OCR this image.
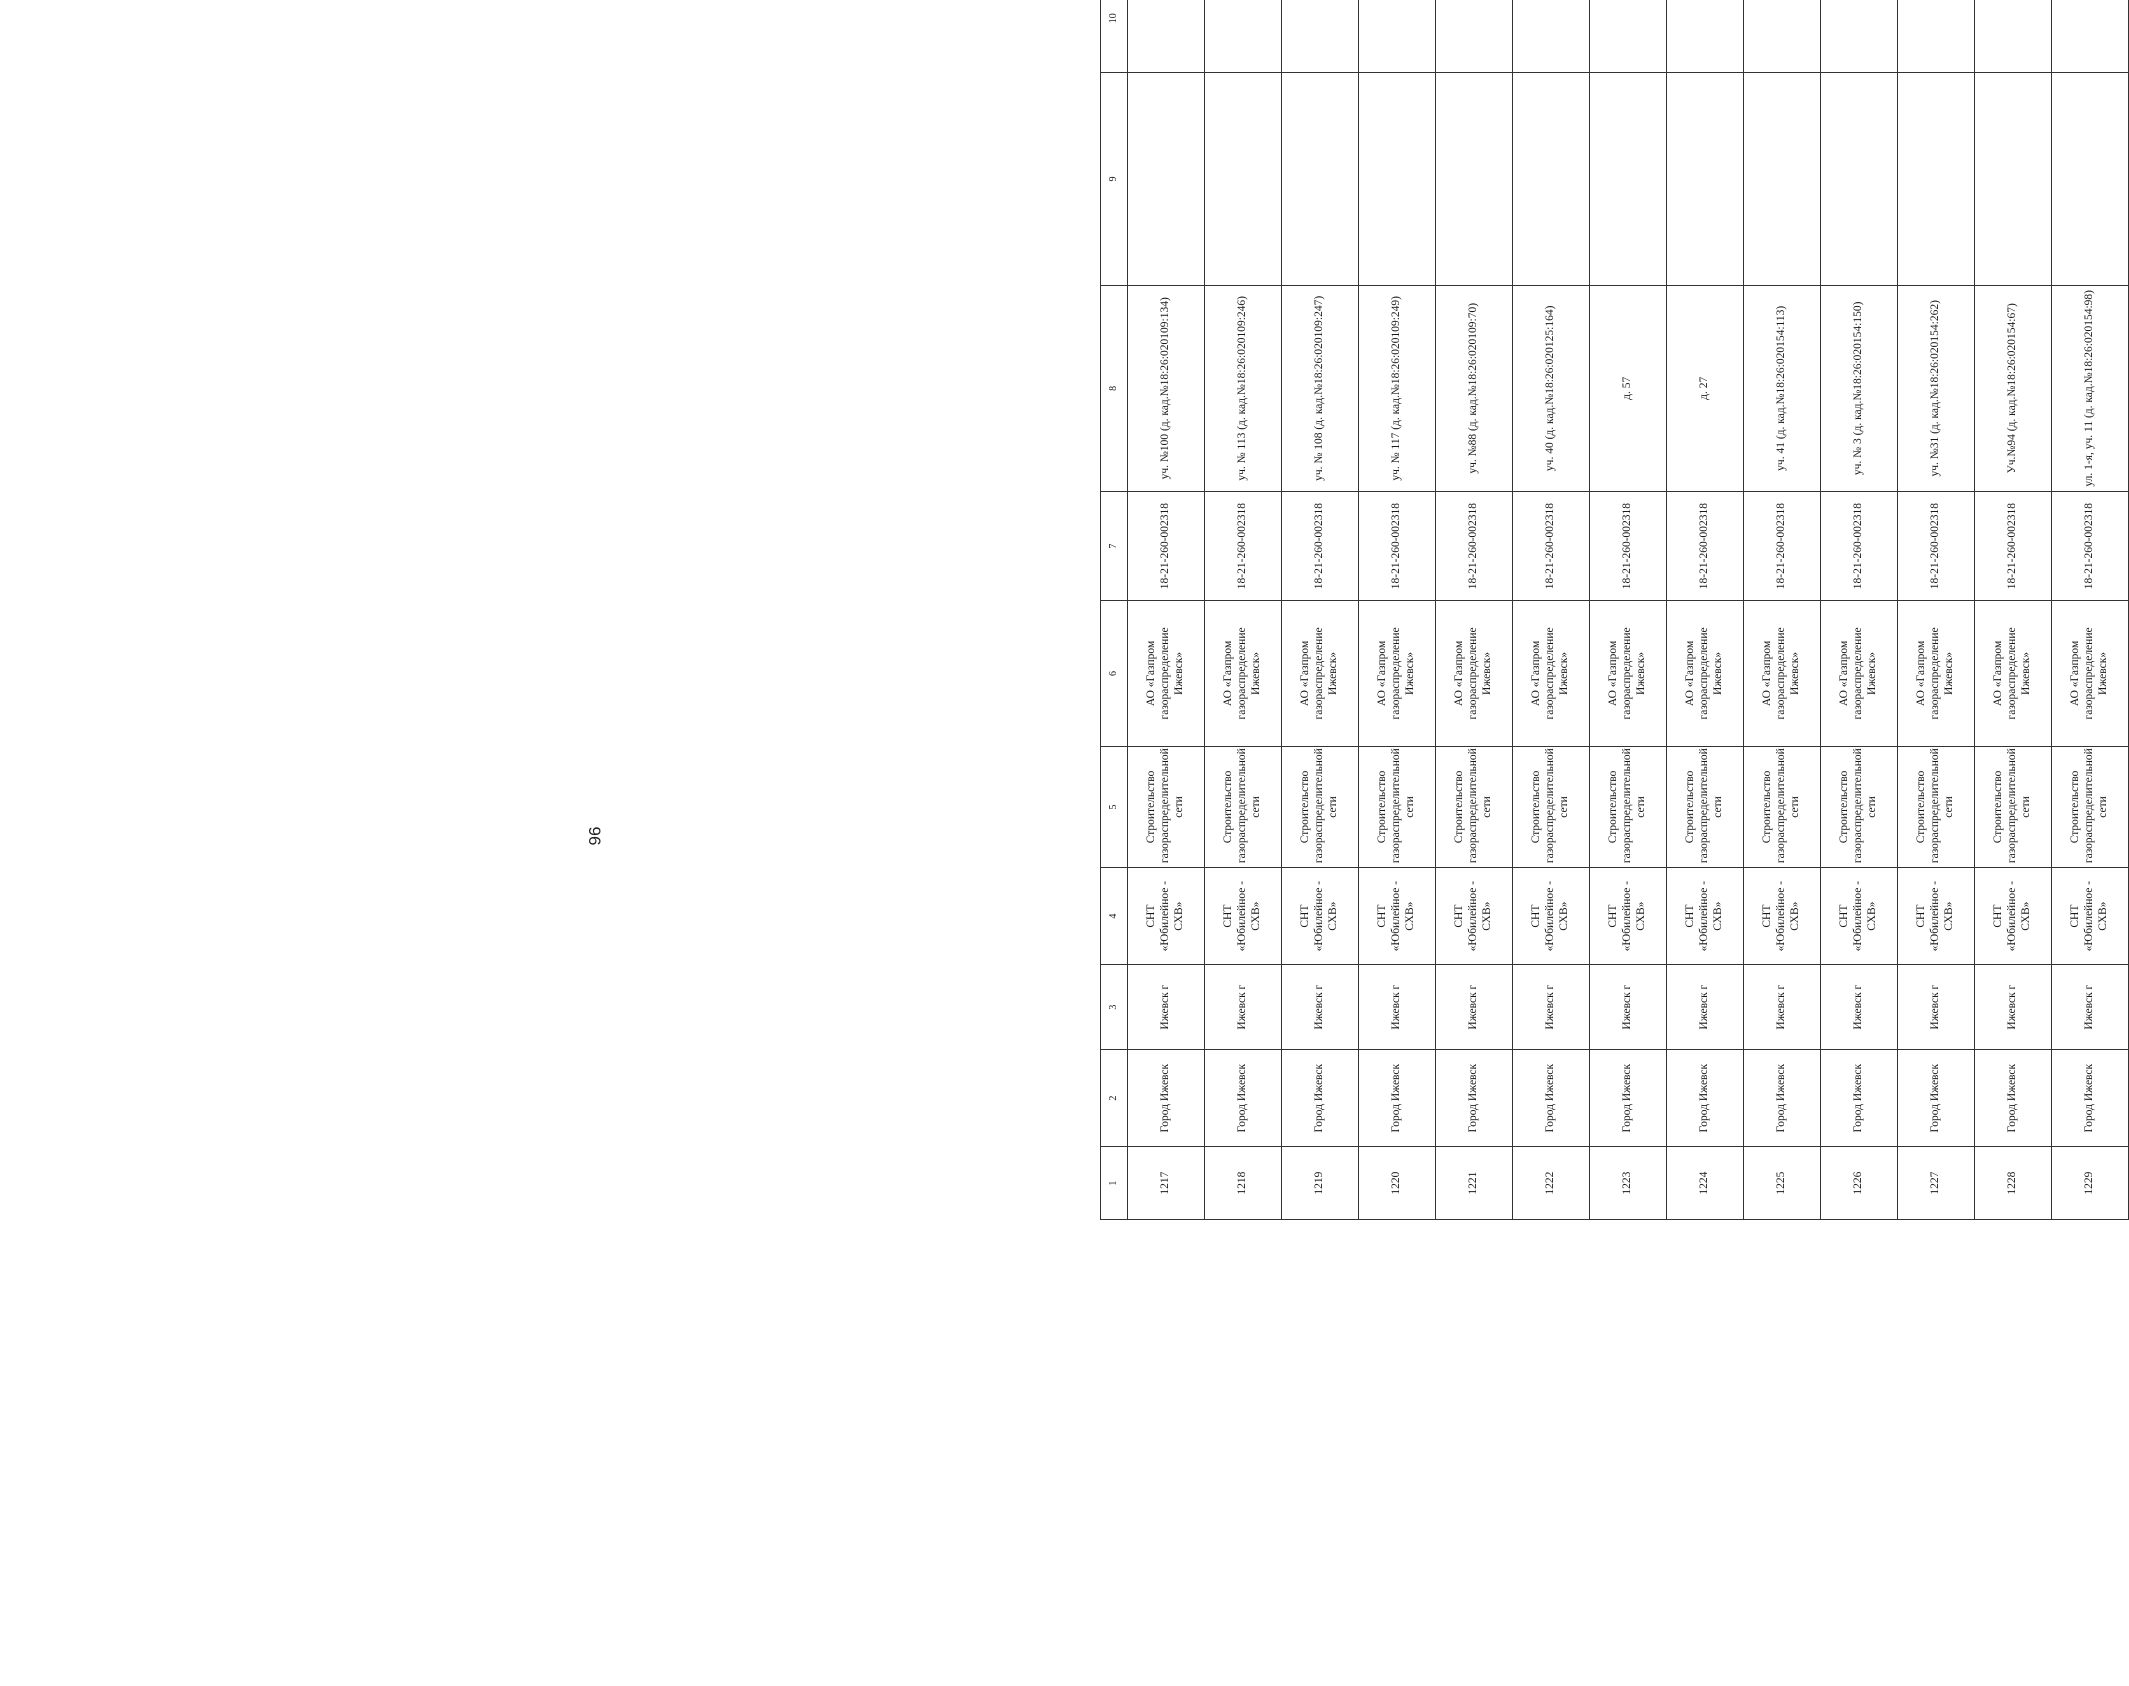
96
1	2	3	4	5	6	7	8	9	10			
1217	Город Ижевск	Ижевск г	СНТ «Юбилейное - СХВ»	Строительство газораспределительной сети	АО «Газпром газораспределение Ижевск»	18-21-260-002318	уч. №100 (д. кад.№18:26:020109:134)					
1218	Город Ижевск	Ижевск г	СНТ «Юбилейное - СХВ»	Строительство газораспределительной сети	АО «Газпром газораспределение Ижевск»	18-21-260-002318	уч. № 113 (д. кад.№18:26:020109:246)					
1219	Город Ижевск	Ижевск г	СНТ «Юбилейное - СХВ»	Строительство газораспределительной сети	АО «Газпром газораспределение Ижевск»	18-21-260-002318	уч. № 108 (д. кад.№18:26:020109:247)					
1220	Город Ижевск	Ижевск г	СНТ «Юбилейное - СХВ»	Строительство газораспределительной сети	АО «Газпром газораспределение Ижевск»	18-21-260-002318	уч. № 117 (д. кад.№18:26:020109:249)					
1221	Город Ижевск	Ижевск г	СНТ «Юбилейное - СХВ»	Строительство газораспределительной сети	АО «Газпром газораспределение Ижевск»	18-21-260-002318	уч. №88 (д. кад.№18:26:020109:70)					
1222	Город Ижевск	Ижевск г	СНТ «Юбилейное - СХВ»	Строительство газораспределительной сети	АО «Газпром газораспределение Ижевск»	18-21-260-002318	уч. 40 (д. кад.№18:26:020125:164)					
1223	Город Ижевск	Ижевск г	СНТ «Юбилейное - СХВ»	Строительство газораспределительной сети	АО «Газпром газораспределение Ижевск»	18-21-260-002318	д. 57					
1224	Город Ижевск	Ижевск г	СНТ «Юбилейное - СХВ»	Строительство газораспределительной сети	АО «Газпром газораспределение Ижевск»	18-21-260-002318	д. 27					
1225	Город Ижевск	Ижевск г	СНТ «Юбилейное - СХВ»	Строительство газораспределительной сети	АО «Газпром газораспределение Ижевск»	18-21-260-002318	уч. 41 (д. кад.№18:26:020154:113)					
1226	Город Ижевск	Ижевск г	СНТ «Юбилейное - СХВ»	Строительство газораспределительной сети	АО «Газпром газораспределение Ижевск»	18-21-260-002318	уч. № 3 (д. кад.№18:26:020154:150)					
1227	Город Ижевск	Ижевск г	СНТ «Юбилейное - СХВ»	Строительство газораспределительной сети	АО «Газпром газораспределение Ижевск»	18-21-260-002318	уч. №31 (д. кад.№18:26:020154:262)					
1228	Город Ижевск	Ижевск г	СНТ «Юбилейное - СХВ»	Строительство газораспределительной сети	АО «Газпром газораспределение Ижевск»	18-21-260-002318	Уч.№94 (д. кад.№18:26:020154:67)					
1229	Город Ижевск	Ижевск г	СНТ «Юбилейное - СХВ»	Строительство газораспределительной сети	АО «Газпром газораспределение Ижевск»	18-21-260-002318	ул. 1-я, уч. 11 (д. кад.№18:26:020154:98)					
